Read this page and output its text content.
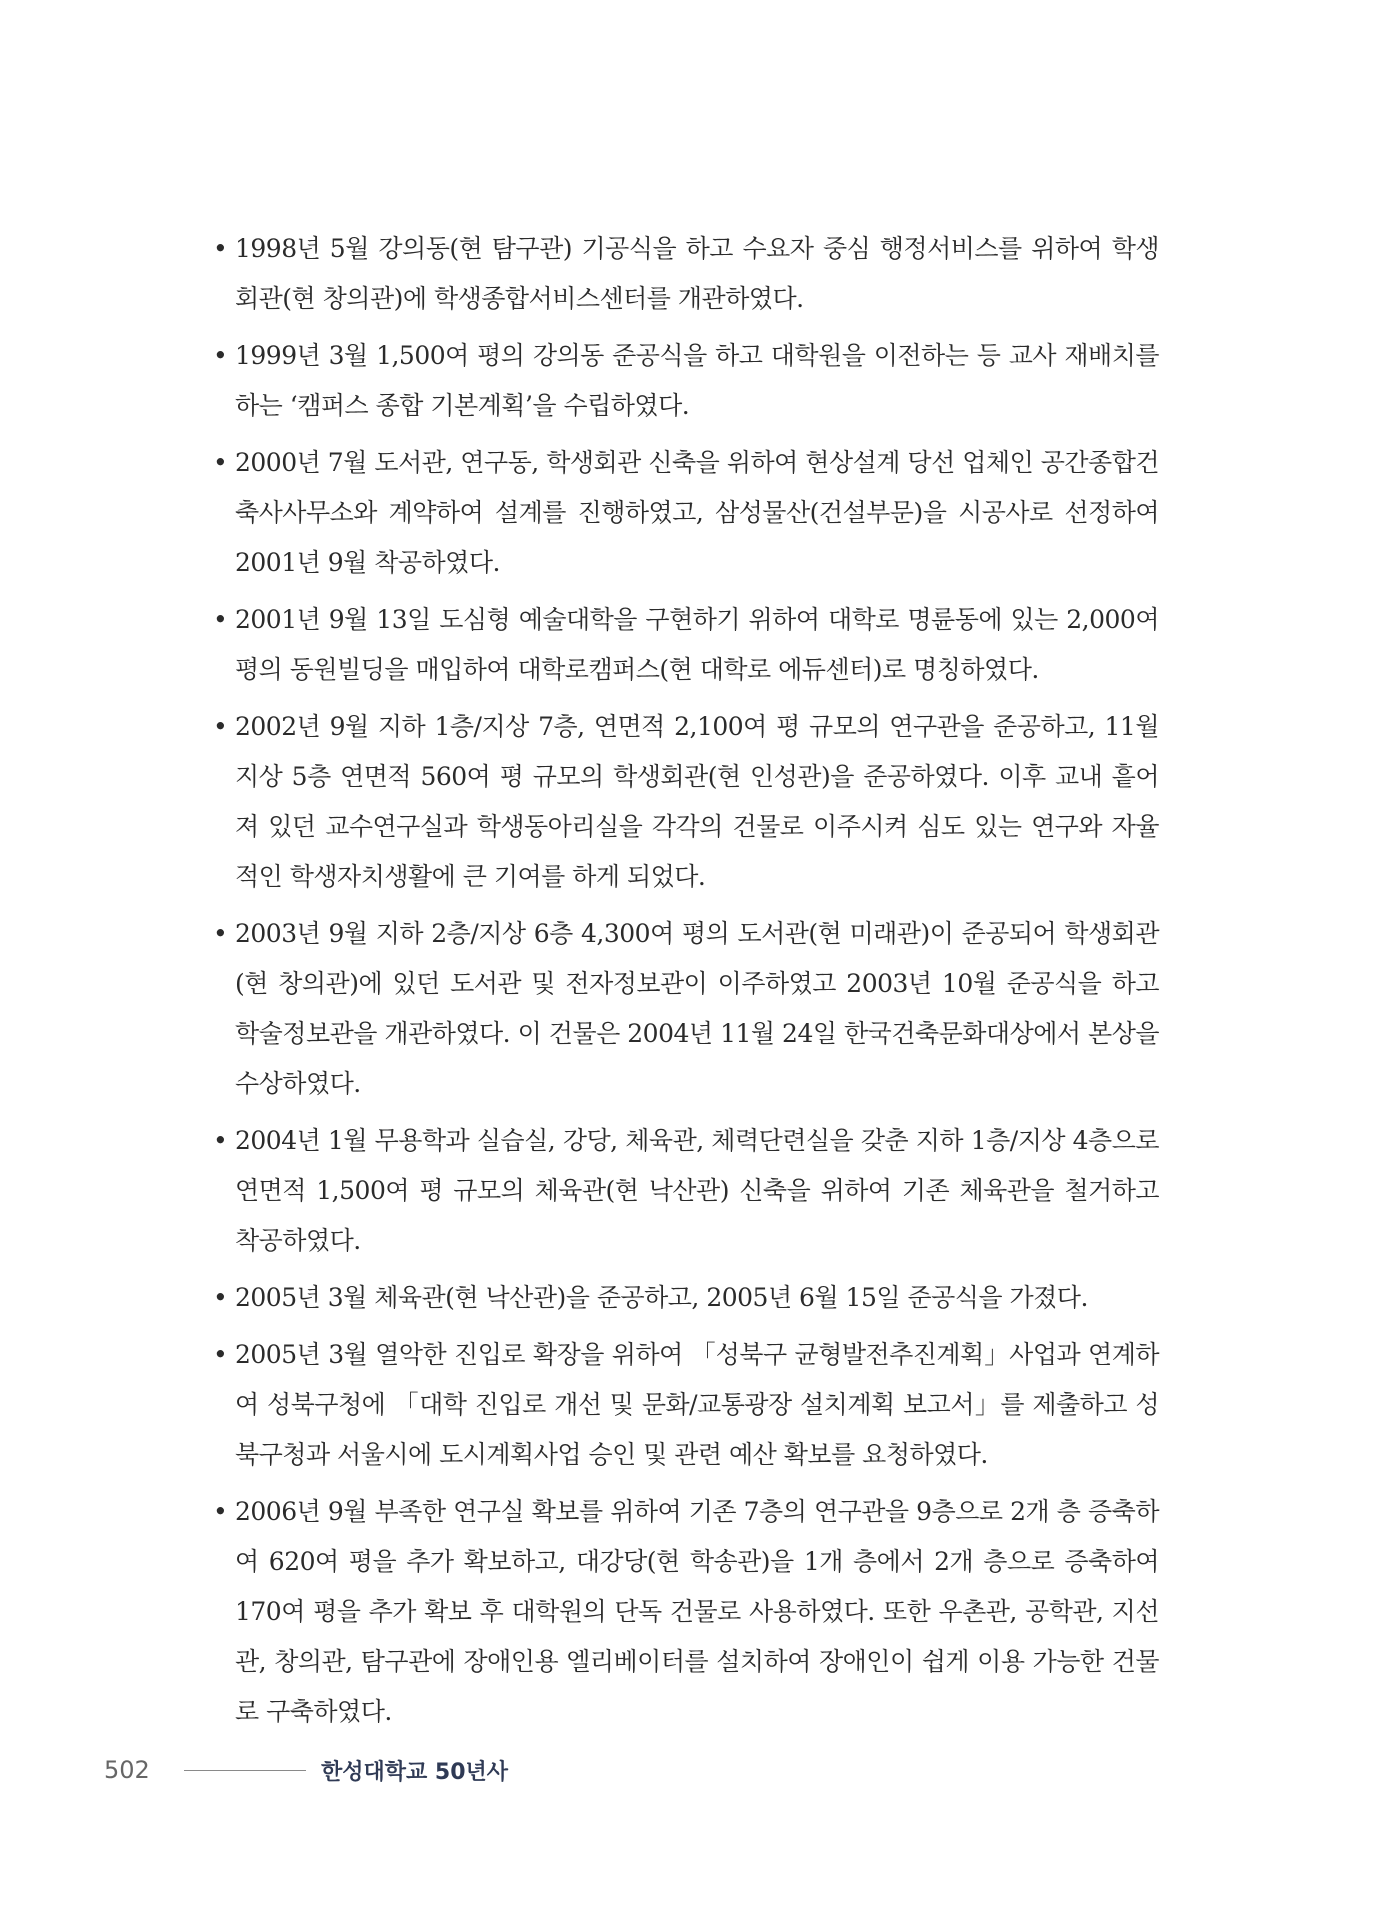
• 1998년 5월 강의동(현 탐구관) 기공식을 하고 수요자 중심 행정서비스를 위하여 학생회관(현 창의관)에 학생종합서비스센터를 개관하였다.
• 1999년 3월 1,500여 평의 강의동 준공식을 하고 대학원을 이전하는 등 교사 재배치를 하는 ‘캠퍼스 종합 기본계획’을 수립하였다.
• 2000년 7월 도서관, 연구동, 학생회관 신축을 위하여 현상설계 당선 업체인 공간종합건축사사무소와 계약하여 설계를 진행하였고, 삼성물산(건설부문)을 시공사로 선정하여 2001년 9월 착공하였다.
• 2001년 9월 13일 도심형 예술대학을 구현하기 위하여 대학로 명륜동에 있는 2,000여 평의 동원빌딩을 매입하여 대학로캠퍼스(현 대학로 에듀센터)로 명칭하였다.
• 2002년 9월 지하 1층/지상 7층, 연면적 2,100여 평 규모의 연구관을 준공하고, 11월 지상 5층 연면적 560여 평 규모의 학생회관(현 인성관)을 준공하였다. 이후 교내 흩어져 있던 교수연구실과 학생동아리실을 각각의 건물로 이주시켜 심도 있는 연구와 자율적인 학생자치생활에 큰 기여를 하게 되었다.
• 2003년 9월 지하 2층/지상 6층 4,300여 평의 도서관(현 미래관)이 준공되어 학생회관(현 창의관)에 있던 도서관 및 전자정보관이 이주하였고 2003년 10월 준공식을 하고 학술정보관을 개관하였다. 이 건물은 2004년 11월 24일 한국건축문화대상에서 본상을 수상하였다.
• 2004년 1월 무용학과 실습실, 강당, 체육관, 체력단련실을 갖춘 지하 1층/지상 4층으로 연면적 1,500여 평 규모의 체육관(현 낙산관) 신축을 위하여 기존 체육관을 철거하고 착공하였다.
• 2005년 3월 체육관(현 낙산관)을 준공하고, 2005년 6월 15일 준공식을 가졌다.
• 2005년 3월 열악한 진입로 확장을 위하여 「성북구 균형발전추진계획」사업과 연계하여 성북구청에 「대학 진입로 개선 및 문화/교통광장 설치계획 보고서」를 제출하고 성북구청과 서울시에 도시계획사업 승인 및 관련 예산 확보를 요청하였다.
• 2006년 9월 부족한 연구실 확보를 위하여 기존 7층의 연구관을 9층으로 2개 층 증축하여 620여 평을 추가 확보하고, 대강당(현 학송관)을 1개 층에서 2개 층으로 증축하여 170여 평을 추가 확보 후 대학원의 단독 건물로 사용하였다. 또한 우촌관, 공학관, 지선관, 창의관, 탐구관에 장애인용 엘리베이터를 설치하여 장애인이 쉽게 이용 가능한 건물로 구축하였다.
502	한성대학교 50년사
